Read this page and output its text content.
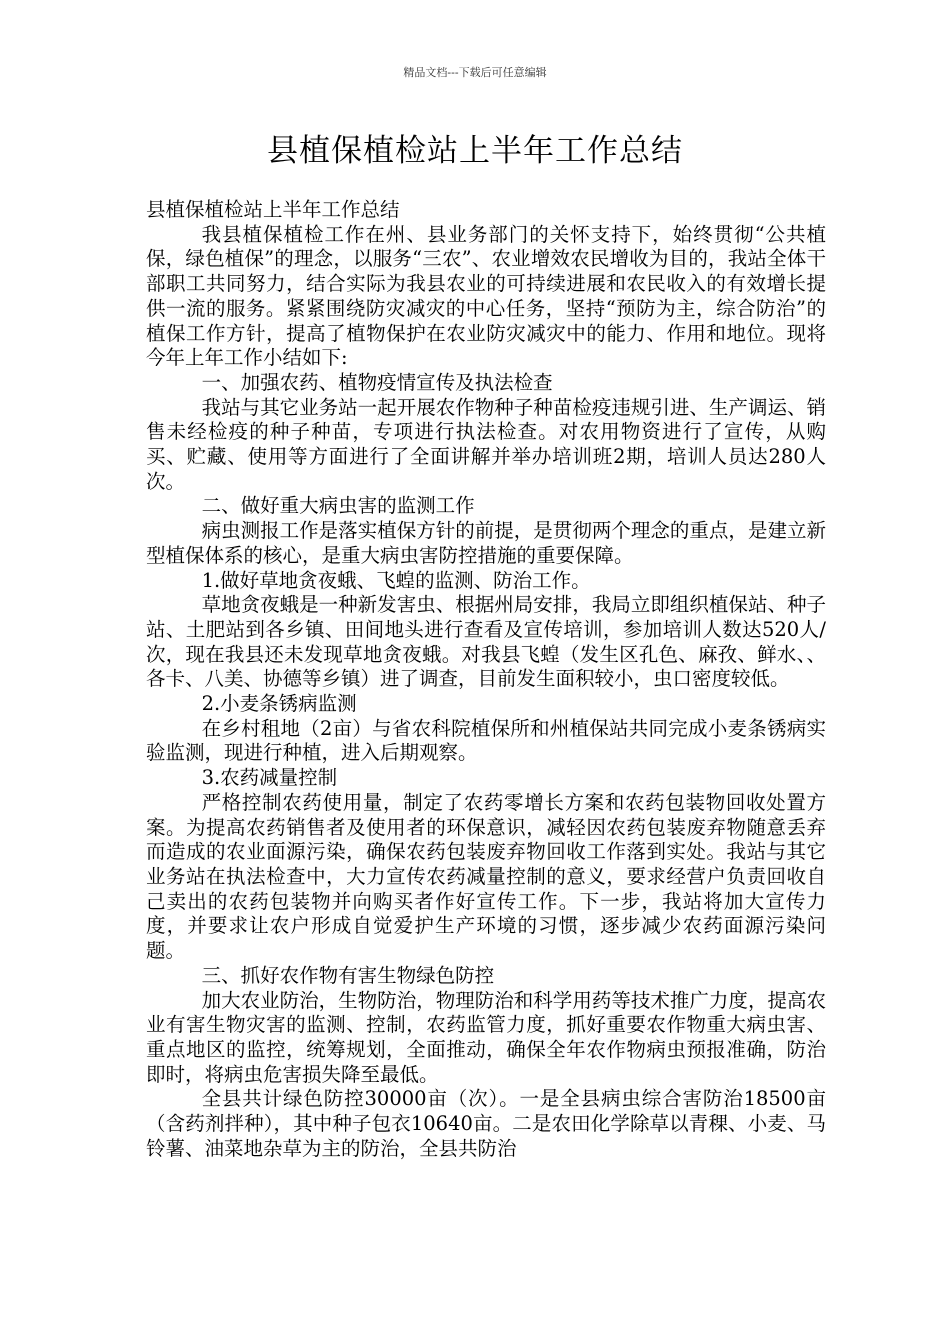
精品文档---下载后可任意编辑
县植保植检站上半年工作总结

县植保植检站上半年工作总结

我县植保植检工作在州、县业务部门的关怀支持下，始终贯彻“公共植保，绿色植保”的理念，以服务“三农”、农业增效农民增收为目的，我站全体干部职工共同努力，结合实际为我县农业的可持续进展和农民收入的有效增长提供一流的服务。紧紧围绕防灾减灾的中心任务，坚持“预防为主，综合防治”的植保工作方针，提高了植物保护在农业防灾减灾中的能力、作用和地位。现将今年上年工作小结如下:

一、加强农药、植物疫情宣传及执法检查

我站与其它业务站一起开展农作物种子种苗检疫违规引进、生产调运、销售未经检疫的种子种苗，专项进行执法检查。对农用物资进行了宣传，从购买、贮藏、使用等方面进行了全面讲解并举办培训班2期，培训人员达280人次。

二、做好重大病虫害的监测工作

病虫测报工作是落实植保方针的前提，是贯彻两个理念的重点，是建立新型植保体系的核心，是重大病虫害防控措施的重要保障。

1.做好草地贪夜蛾、飞蝗的监测、防治工作。

草地贪夜蛾是一种新发害虫、根据州局安排，我局立即组织植保站、种子站、土肥站到各乡镇、田间地头进行查看及宣传培训，参加培训人数达520人/次，现在我县还未发现草地贪夜蛾。对我县飞蝗（发生区孔色、麻孜、鲜水、、各卡、八美、协德等乡镇）进了调查，目前发生面积较小，虫口密度较低。

2.小麦条锈病监测

在乡村租地（2亩）与省农科院植保所和州植保站共同完成小麦条锈病实验监测，现进行种植，进入后期观察。

3.农药减量控制

严格控制农药使用量，制定了农药零增长方案和农药包装物回收处置方案。为提高农药销售者及使用者的环保意识，减轻因农药包装废弃物随意丢弃而造成的农业面源污染，确保农药包装废弃物回收工作落到实处。我站与其它业务站在执法检查中，大力宣传农药减量控制的意义，要求经营户负责回收自己卖出的农药包装物并向购买者作好宣传工作。下一步，我站将加大宣传力度，并要求让农户形成自觉爱护生产环境的习惯，逐步减少农药面源污染问题。

三、抓好农作物有害生物绿色防控

加大农业防治，生物防治，物理防治和科学用药等技术推广力度，提高农业有害生物灾害的监测、控制，农药监管力度，抓好重要农作物重大病虫害、重点地区的监控，统筹规划，全面推动，确保全年农作物病虫预报准确，防治即时，将病虫危害损失降至最低。

全县共计绿色防控30000亩（次）。一是全县病虫综合害防治18500亩（含药剂拌种），其中种子包衣10640亩。二是农田化学除草以青稞、小麦、马铃薯、油菜地杂草为主的防治，全县共防治
